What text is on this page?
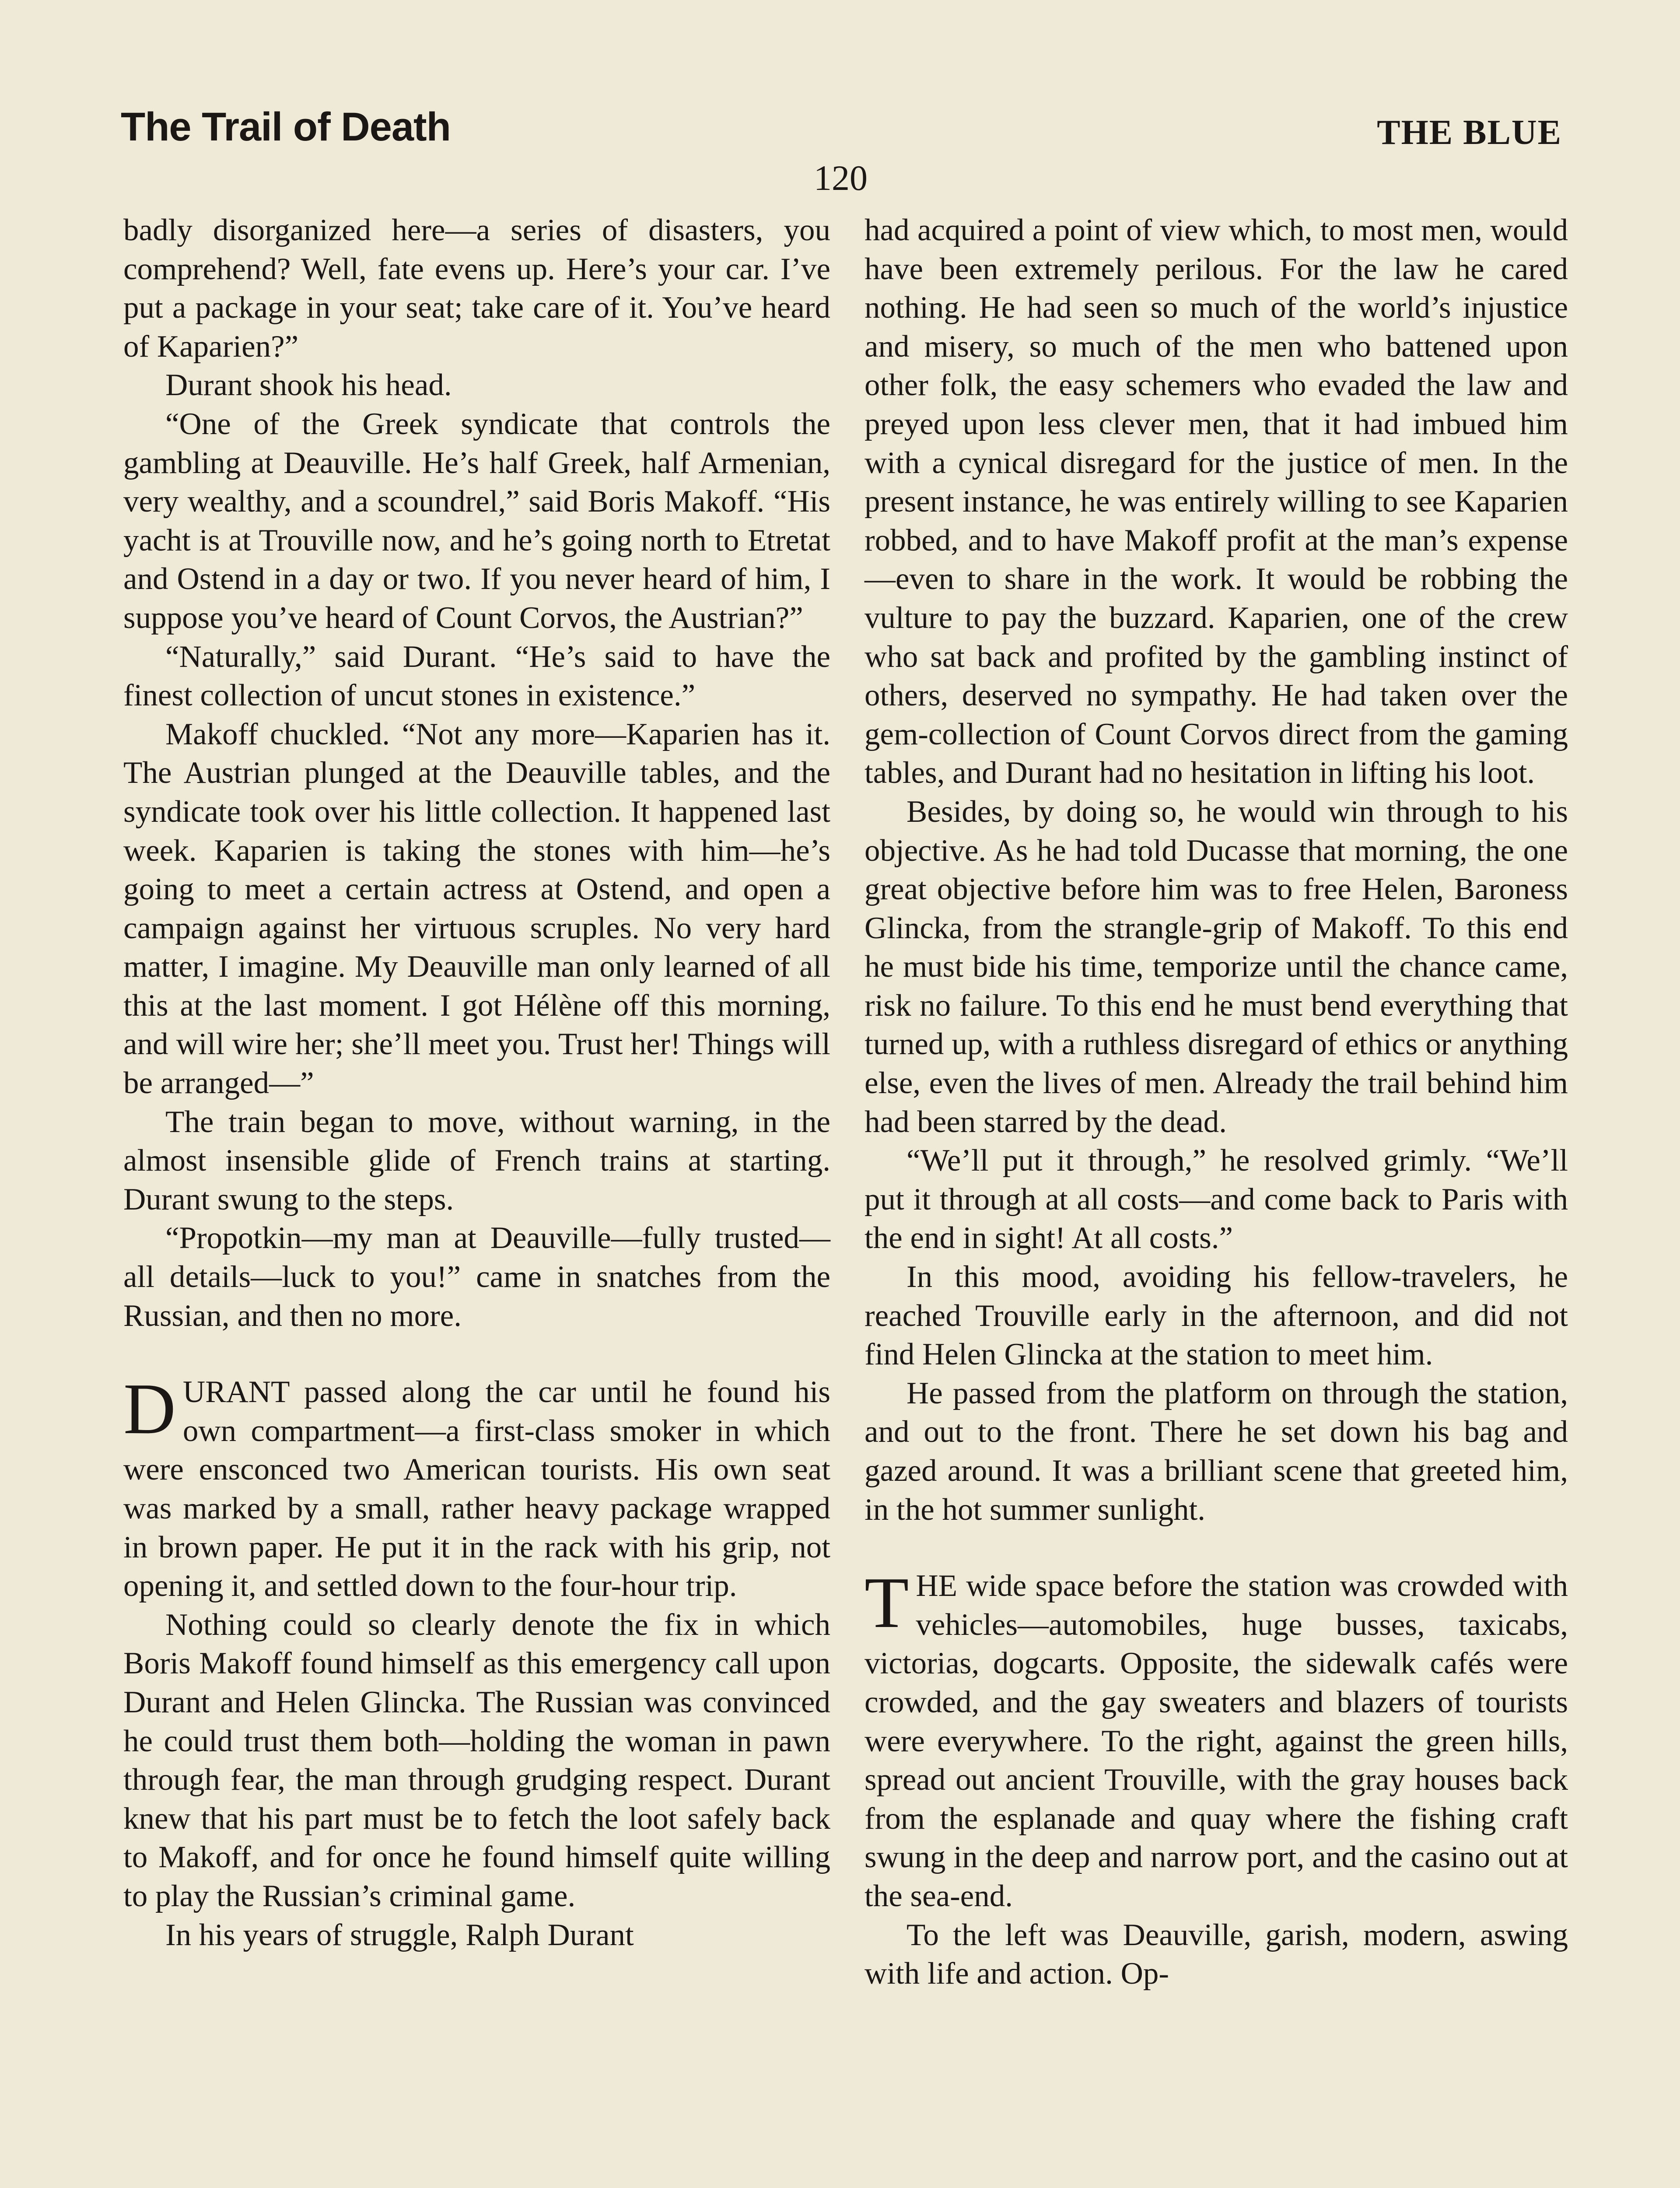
The Trail of Death	THE BLUE
120

badly disorganized here—a series of disasters, you comprehend? Well, fate evens up. Here’s your car. I’ve put a package in your seat; take care of it. You’ve heard of Kaparien?”

Durant shook his head.

“One of the Greek syndicate that controls the gambling at Deauville. He’s half Greek, half Armenian, very wealthy, and a scoundrel,” said Boris Makoff. “His yacht is at Trouville now, and he’s going north to Etretat and Ostend in a day or two. If you never heard of him, I suppose you’ve heard of Count Corvos, the Austrian?”

“Naturally,” said Durant. “He’s said to have the finest collection of uncut stones in existence.”

Makoff chuckled. “Not any more—Kaparien has it. The Austrian plunged at the Deauville tables, and the syndicate took over his little collection. It happened last week. Kaparien is taking the stones with him—he’s going to meet a certain actress at Ostend, and open a campaign against her virtuous scruples. No very hard matter, I imagine. My Deauville man only learned of all this at the last moment. I got Hélène off this morning, and will wire her; she’ll meet you. Trust her! Things will be arranged—”

The train began to move, without warning, in the almost insensible glide of French trains at starting. Durant swung to the steps.

“Propotkin—my man at Deauville—fully trusted—all details—luck to you!” came in snatches from the Russian, and then no more.

DURANT passed along the car until he found his own compartment—a first-class smoker in which were ensconced two American tourists. His own seat was marked by a small, rather heavy package wrapped in brown paper. He put it in the rack with his grip, not opening it, and settled down to the four-hour trip.

Nothing could so clearly denote the fix in which Boris Makoff found himself as this emergency call upon Durant and Helen Glincka. The Russian was convinced he could trust them both—holding the woman in pawn through fear, the man through grudging respect. Durant knew that his part must be to fetch the loot safely back to Makoff, and for once he found himself quite willing to play the Russian’s criminal game.

In his years of struggle, Ralph Durant

had acquired a point of view which, to most men, would have been extremely perilous. For the law he cared nothing. He had seen so much of the world’s injustice and misery, so much of the men who battened upon other folk, the easy schemers who evaded the law and preyed upon less clever men, that it had imbued him with a cynical disregard for the justice of men. In the present instance, he was entirely willing to see Kaparien robbed, and to have Makoff profit at the man’s expense—even to share in the work. It would be robbing the vulture to pay the buzzard. Kaparien, one of the crew who sat back and profited by the gambling instinct of others, deserved no sympathy. He had taken over the gem-collection of Count Corvos direct from the gaming tables, and Durant had no hesitation in lifting his loot.

Besides, by doing so, he would win through to his objective. As he had told Ducasse that morning, the one great objective before him was to free Helen, Baroness Glincka, from the strangle-grip of Makoff. To this end he must bide his time, temporize until the chance came, risk no failure. To this end he must bend everything that turned up, with a ruthless disregard of ethics or anything else, even the lives of men. Already the trail behind him had been starred by the dead.

“We’ll put it through,” he resolved grimly. “We’ll put it through at all costs—and come back to Paris with the end in sight! At all costs.”

In this mood, avoiding his fellow-travelers, he reached Trouville early in the afternoon, and did not find Helen Glincka at the station to meet him.

He passed from the platform on through the station, and out to the front. There he set down his bag and gazed around. It was a brilliant scene that greeted him, in the hot summer sunlight.

THE wide space before the station was crowded with vehicles—automobiles, huge busses, taxicabs, victorias, dogcarts. Opposite, the sidewalk cafés were crowded, and the gay sweaters and blazers of tourists were everywhere. To the right, against the green hills, spread out ancient Trouville, with the gray houses back from the esplanade and quay where the fishing craft swung in the deep and narrow port, and the casino out at the sea-end.

To the left was Deauville, garish, modern, aswing with life and action. Op-
